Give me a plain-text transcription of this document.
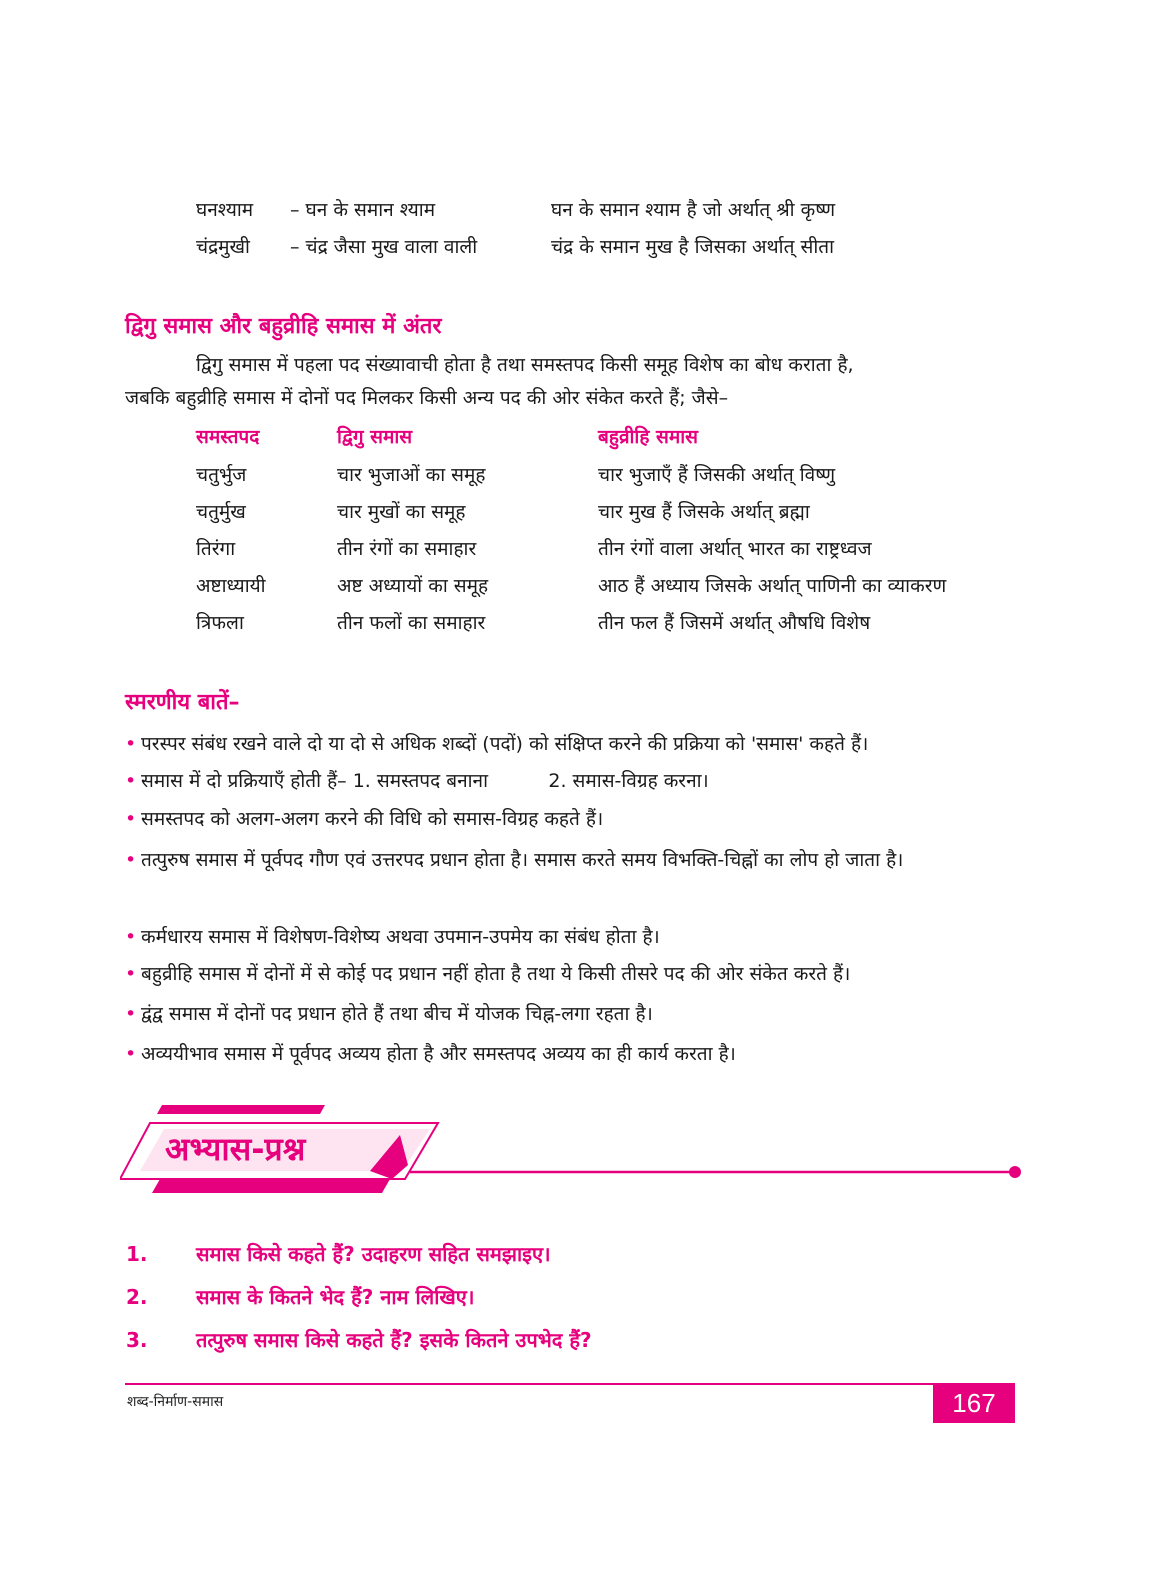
घनश्याम – घन के समान श्याम	घन के समान श्याम है जो अर्थात् श्री कृष्ण
चंद्रमुखी – चंद्र जैसा मुख वाला वाली	चंद्र के समान मुख है जिसका अर्थात् सीता
द्विगु समास और बहुव्रीहि समास में अंतर
द्विगु समास में पहला पद संख्यावाची होता है तथा समस्तपद किसी समूह विशेष का बोध कराता है,
जबकि बहुव्रीहि समास में दोनों पद मिलकर किसी अन्य पद की ओर संकेत करते हैं; जैसे–
समस्तपद	द्विगु समास	बहुव्रीहि समास
चतुर्भुज	चार भुजाओं का समूह	चार भुजाएँ हैं जिसकी अर्थात् विष्णु
चतुर्मुख	चार मुखों का समूह	चार मुख हैं जिसके अर्थात् ब्रह्मा
तिरंगा	तीन रंगों का समाहार	तीन रंगों वाला अर्थात् भारत का राष्ट्रध्वज
अष्टाध्यायी	अष्ट अध्यायों का समूह	आठ हैं अध्याय जिसके अर्थात् पाणिनी का व्याकरण
त्रिफला	तीन फलों का समाहार	तीन फल हैं जिसमें अर्थात् औषधि विशेष
स्मरणीय बातें–
• परस्पर संबंध रखने वाले दो या दो से अधिक शब्दों (पदों) को संक्षिप्त करने की प्रक्रिया को 'समास' कहते हैं।
• समास में दो प्रक्रियाएँ होती हैं– 1. समस्तपद बनाना          2. समास-विग्रह करना।
• समस्तपद को अलग-अलग करने की विधि को समास-विग्रह कहते हैं।
• तत्पुरुष समास में पूर्वपद गौण एवं उत्तरपद प्रधान होता है। समास करते समय विभक्ति-चिह्नों का लोप हो जाता है।
• कर्मधारय समास में विशेषण-विशेष्य अथवा उपमान-उपमेय का संबंध होता है।
• बहुव्रीहि समास में दोनों में से कोई पद प्रधान नहीं होता है तथा ये किसी तीसरे पद की ओर संकेत करते हैं।
• द्वंद्व समास में दोनों पद प्रधान होते हैं तथा बीच में योजक चिह्न-लगा रहता है।
• अव्ययीभाव समास में पूर्वपद अव्यय होता है और समस्तपद अव्यय का ही कार्य करता है।
अभ्यास-प्रश्न
1. समास किसे कहते हैं? उदाहरण सहित समझाइए।
2. समास के कितने भेद हैं? नाम लिखिए।
3. तत्पुरुष समास किसे कहते हैं? इसके कितने उपभेद हैं?
शब्द-निर्माण-समास	167
